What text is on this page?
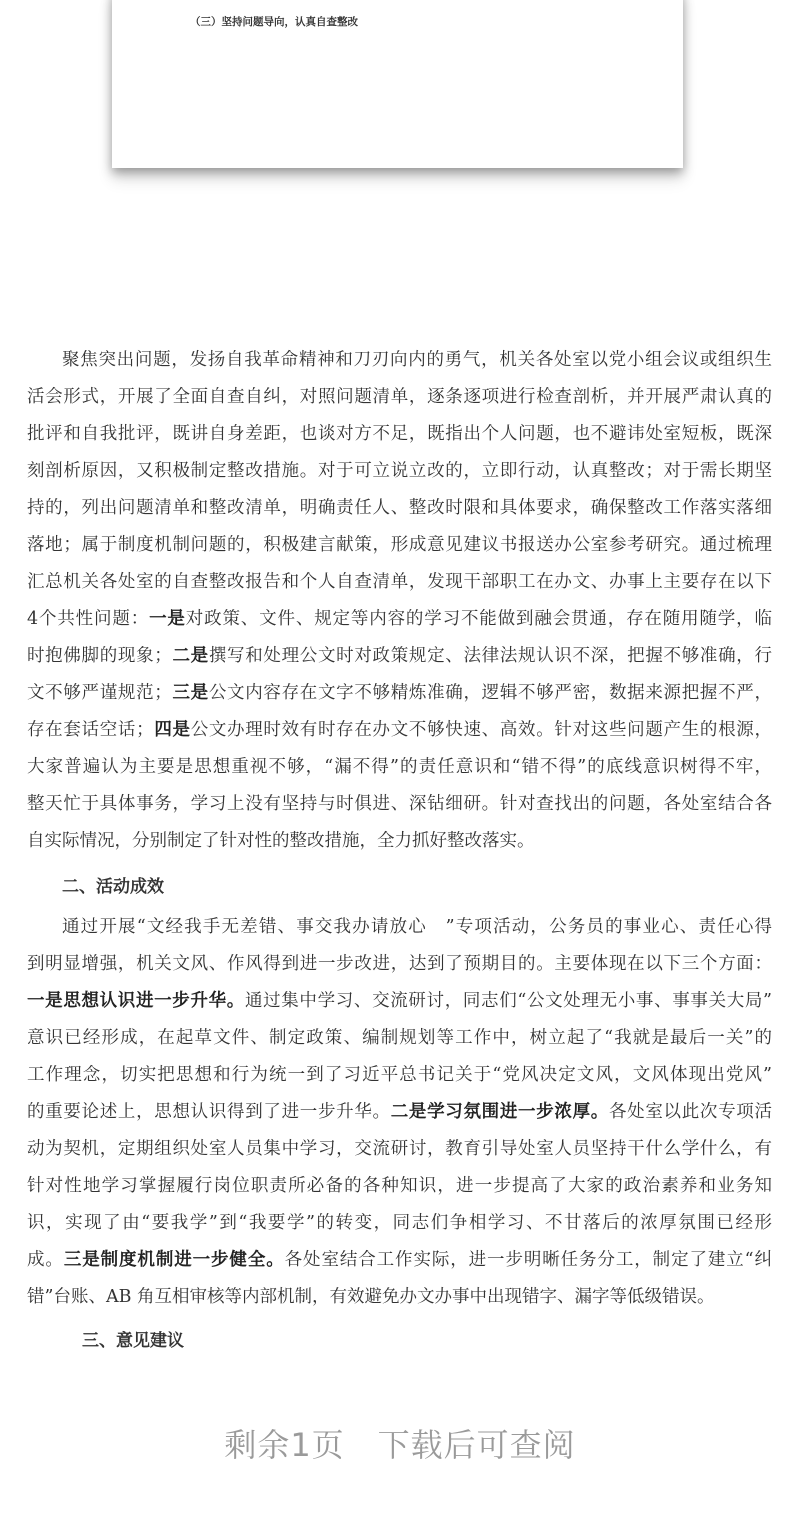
（三）坚持问题导向，认真自查整改
聚焦突出问题，发扬自我革命精神和刀刃向内的勇气，机关各处室以党小组会议或组织生
活会形式，开展了全面自查自纠，对照问题清单，逐条逐项进行检查剖析，并开展严肃认真的
批评和自我批评，既讲自身差距，也谈对方不足，既指出个人问题，也不避讳处室短板，既深
刻剖析原因，又积极制定整改措施。对于可立说立改的，立即行动，认真整改；对于需长期坚
持的，列出问题清单和整改清单，明确责任人、整改时限和具体要求，确保整改工作落实落细
落地；属于制度机制问题的，积极建言献策，形成意见建议书报送办公室参考研究。通过梳理
汇总机关各处室的自查整改报告和个人自查清单，发现干部职工在办文、办事上主要存在以下
4个共性问题：一是对政策、文件、规定等内容的学习不能做到融会贯通，存在随用随学，临
时抱佛脚的现象；二是撰写和处理公文时对政策规定、法律法规认识不深，把握不够准确，行
文不够严谨规范；三是公文内容存在文字不够精炼准确，逻辑不够严密，数据来源把握不严，
存在套话空话；四是公文办理时效有时存在办文不够快速、高效。针对这些问题产生的根源，
大家普遍认为主要是思想重视不够，“漏不得”的责任意识和“错不得”的底线意识树得不牢，
整天忙于具体事务，学习上没有坚持与时俱进、深钻细研。针对查找出的问题，各处室结合各
自实际情况，分别制定了针对性的整改措施，全力抓好整改落实。
二、活动成效
通过开展“文经我手无差错、事交我办请放心　”专项活动，公务员的事业心、责任心得
到明显增强，机关文风、作风得到进一步改进，达到了预期目的。主要体现在以下三个方面：
一是思想认识进一步升华。通过集中学习、交流研讨，同志们“公文处理无小事、事事关大局”
意识已经形成，在起草文件、制定政策、编制规划等工作中，树立起了“我就是最后一关”的
工作理念，切实把思想和行为统一到了习近平总书记关于“党风决定文风，文风体现出党风”
的重要论述上，思想认识得到了进一步升华。二是学习氛围进一步浓厚。各处室以此次专项活
动为契机，定期组织处室人员集中学习，交流研讨，教育引导处室人员坚持干什么学什么，有
针对性地学习掌握履行岗位职责所必备的各种知识，进一步提高了大家的政治素养和业务知
识，实现了由“要我学”到“我要学”的转变，同志们争相学习、不甘落后的浓厚氛围已经形
成。三是制度机制进一步健全。各处室结合工作实际，进一步明晰任务分工，制定了建立“纠
错”台账、AB 角互相审核等内部机制，有效避免办文办事中出现错字、漏字等低级错误。
三、意见建议
剩余1页　下载后可查阅
